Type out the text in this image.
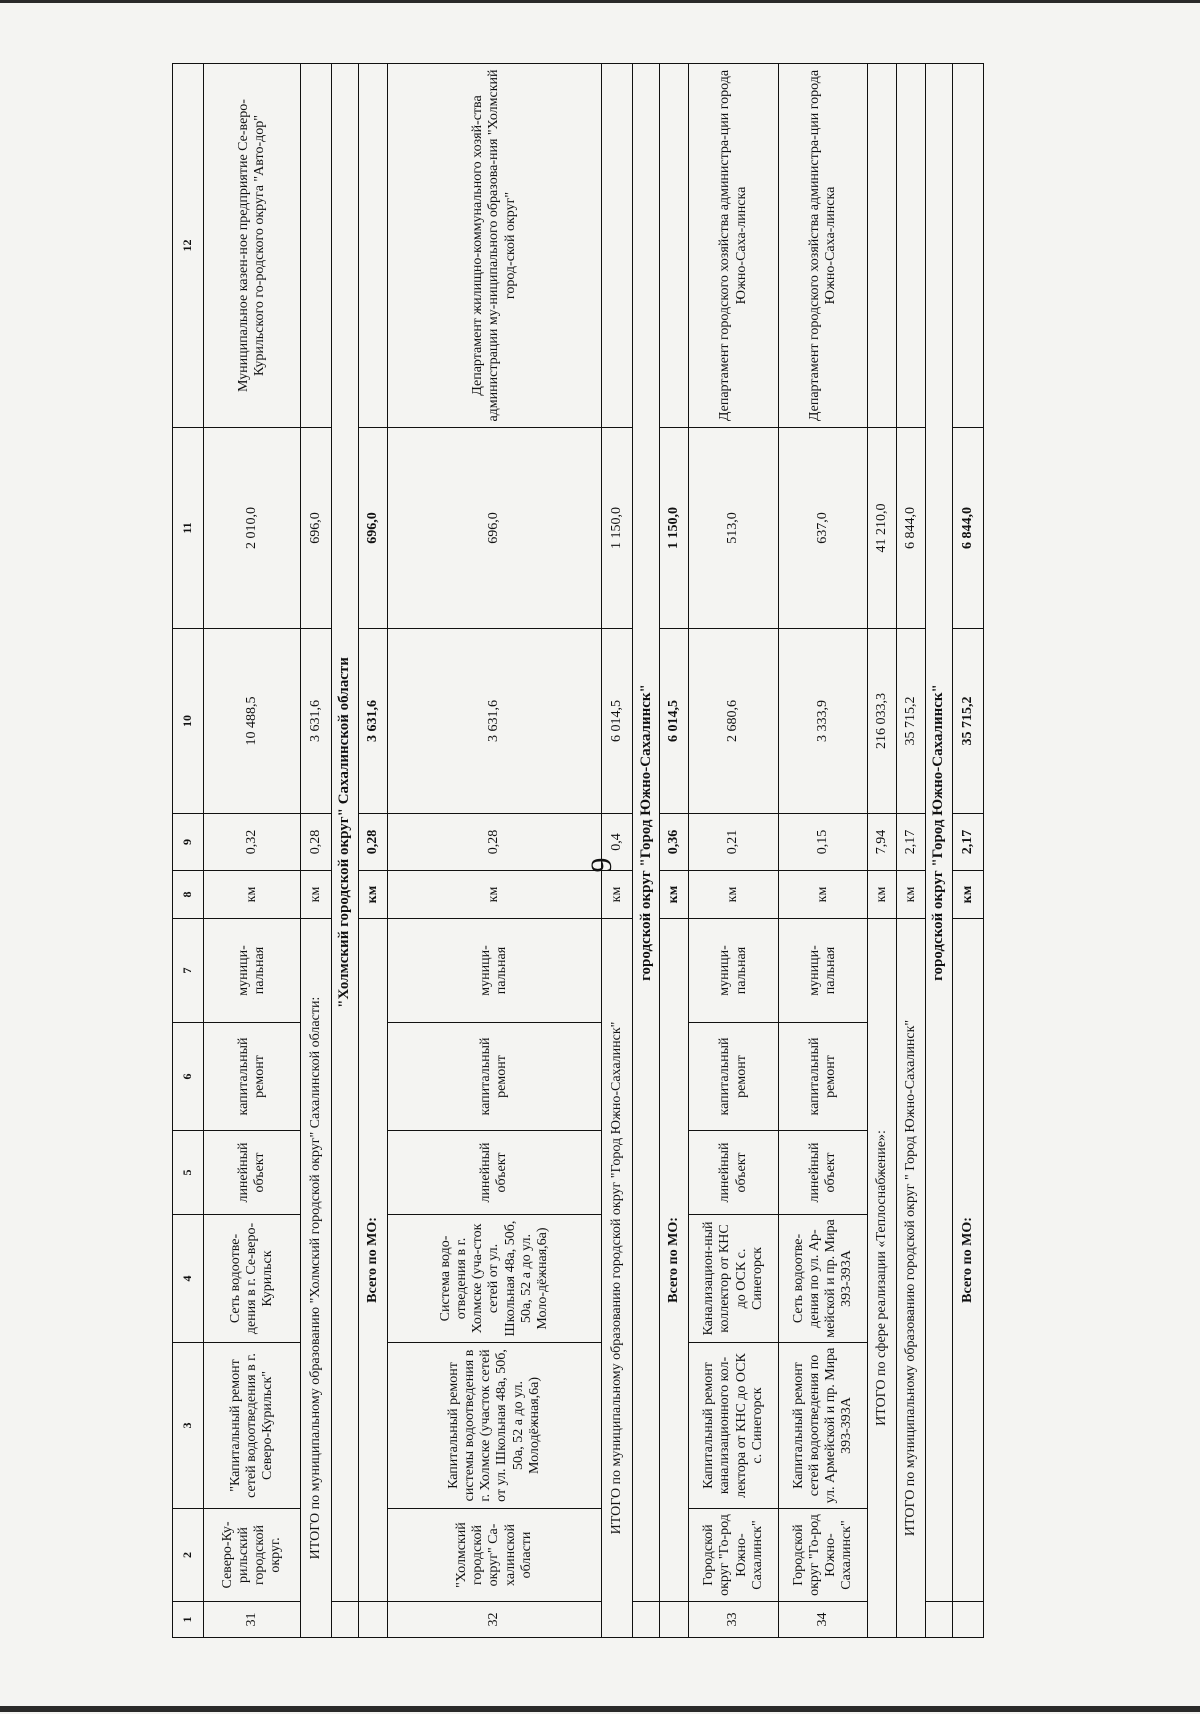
9
1	2	3	4	5	6	7	8	9	10	11	12
31	Северо-Ку-рильский городской округ.	"Капитальный ремонт сетей водоотведения в г. Северо-Курильск"	Сеть водоотве-дения в г. Се-веро-Курильск	линейный объект	капитальный ремонт	муници-пальная	км	0,32	10 488,5	2 010,0	Муниципальное казен-ное предприятие Се-веро-Курильского го-родского округа "Авто-дор"
ИТОГО по муниципальному образованию "Холмский городской округ" Сахалинской области:							км	0,28	3 631,6	696,0	
	"Холмский городской округ" Сахалинской области										
	Всего по МО:						км	0,28	3 631,6	696,0	
32	"Холмский городской округ" Са-халинской области	Капитальный ремонт системы водоотведения в г. Холмске (участок сетей от ул. Школьная 48а, 50б, 50а, 52 а до ул. Молодёжная,6а)	Система водо-отведения в г. Холмске (уча-сток сетей от ул. Школьная 48а, 50б, 50а, 52 а до ул. Моло-дёжная,6а)	линейный объект	капитальный ремонт	муници-пальная	км	0,28	3 631,6	696,0	Департамент жилищно-коммунального хозяй-ства администрации му-ниципального образова-ния "Холмский город-ской округ"
ИТОГО по муниципальному образованию городской округ "Город Южно-Сахалинск"							км	0,4	6 014,5	1 150,0	
	городской округ "Город Южно-Сахалинск"										
	Всего по МО:						км	0,36	6 014,5	1 150,0	
33	Городской округ "Го-род Южно-Сахалинск"	Капитальный ремонт канализационного кол-лектора от КНС до ОСК с. Синегорск	Канализацион-ный коллектор от КНС до ОСК с. Синегорск	линейный объект	капитальный ремонт	муници-пальная	км	0,21	2 680,6	513,0	Департамент городского хозяйства администра-ции города Южно-Саха-линска
34	Городской округ "Го-род Южно-Сахалинск"	Капитальный ремонт сетей водоотведения по ул. Армейской и пр. Мира 393-393А	Сеть водоотве-дения по ул. Ар-мейской и пр. Мира 393-393А	линейный объект	капитальный ремонт	муници-пальная	км	0,15	3 333,9	637,0	Департамент городского хозяйства администра-ции города Южно-Саха-линска
ИТОГО по сфере реализации «Теплоснабжение»:							км	7,94	216 033,3	41 210,0	
ИТОГО по муниципальному образованию городской округ " Город Южно-Сахалинск"							км	2,17	35 715,2	6 844,0	
	городской округ "Город Южно-Сахалинск"										
	Всего по МО:						км	2,17	35 715,2	6 844,0	
